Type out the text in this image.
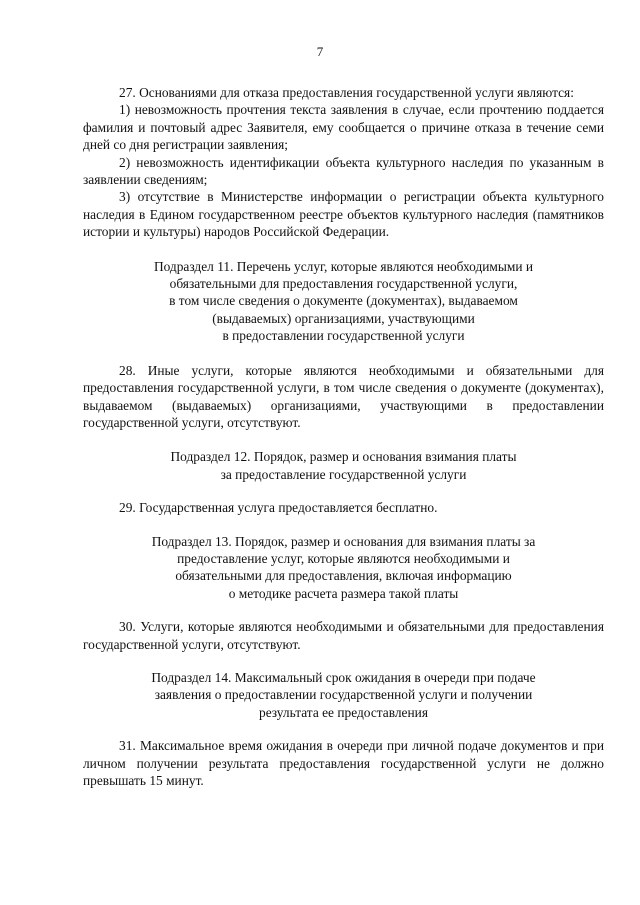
7

27. Основаниями для отказа предоставления государственной услуги являются:

1) невозможность прочтения текста заявления в случае, если прочтению поддается фамилия и почтовый адрес Заявителя, ему сообщается о причине отказа в течение семи дней со дня регистрации заявления;

2) невозможность идентификации объекта культурного наследия по указанным в заявлении сведениям;

3) отсутствие в Министерстве информации о регистрации объекта культурного наследия в Едином государственном реестре объектов культурного наследия (памятников истории и культуры) народов Российской Федерации.

Подраздел 11. Перечень услуг, которые являются необходимыми и
обязательными для предоставления государственной услуги,
в том числе сведения о документе (документах), выдаваемом
(выдаваемых) организациями, участвующими
в предоставлении государственной услуги

28. Иные услуги, которые являются необходимыми и обязательными для предоставления государственной услуги, в том числе сведения о документе (документах), выдаваемом (выдаваемых) организациями, участвующими в предоставлении государственной услуги, отсутствуют.

Подраздел 12. Порядок, размер и основания взимания платы
за предоставление государственной услуги

29. Государственная услуга предоставляется бесплатно.

Подраздел 13. Порядок, размер и основания для взимания платы за
предоставление услуг, которые являются необходимыми и
обязательными для предоставления, включая информацию
о методике расчета размера такой платы

30. Услуги, которые являются необходимыми и обязательными для предоставления государственной услуги, отсутствуют.

Подраздел 14. Максимальный срок ожидания в очереди при подаче
заявления о предоставлении государственной услуги и получении
результата ее предоставления

31. Максимальное время ожидания в очереди при личной подаче документов и при личном получении результата предоставления государственной услуги не должно превышать 15 минут.
